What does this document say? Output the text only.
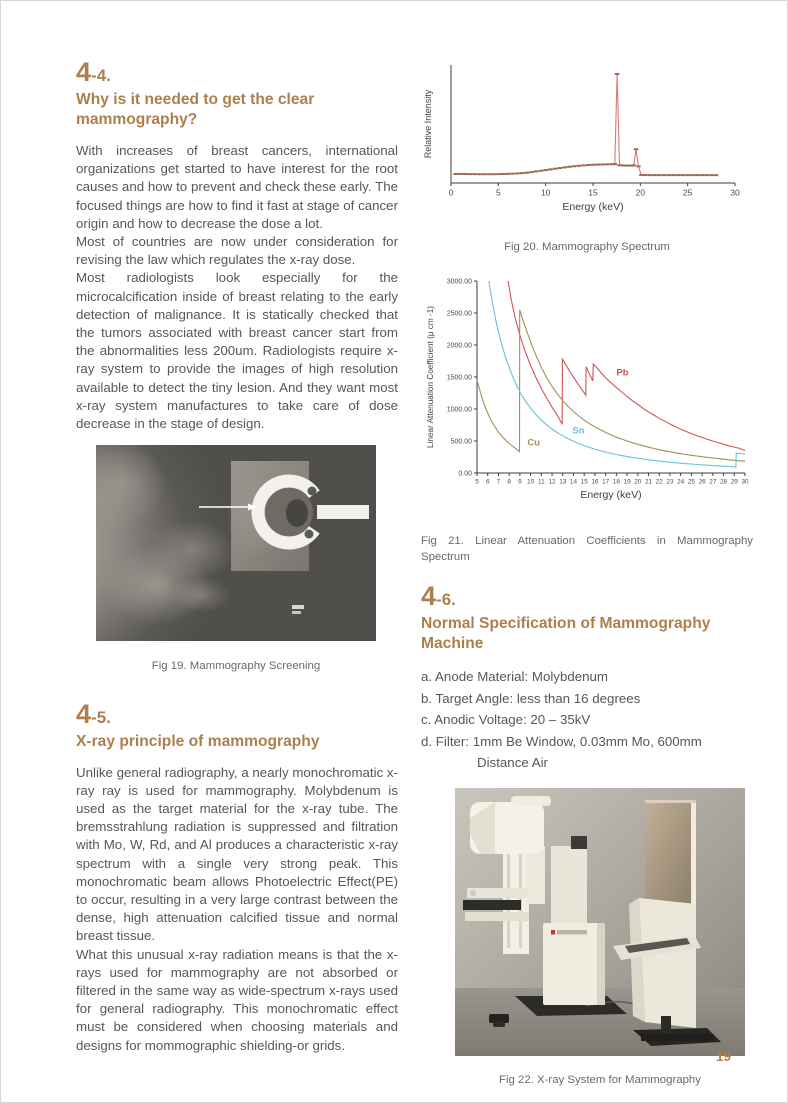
4-4.
Why is it needed to get the clear mammography?

With increases of breast cancers, international organizations get started to have interest for the root causes and how to prevent and check these early. The focused things are how to find it fast at stage of cancer origin and how to decrease the dose a lot.

Most of countries are now under consideration for revising the law which regulates the x-ray dose.

Most radiologists look especially for the microcalcification inside of breast relating to the early detection of malignance. It is statically checked that the tumors associated with breast cancer start from the abnormalities less 200um. Radiologists require x-ray system to provide the images of high resolution available to detect the tiny lesion. And they want most x-ray system manufactures to take care of dose decrease in the stage of design.

Fig 19. Mammography Screening
4-5.
X-ray principle of mammography

Unlike general radiography, a nearly monochromatic x-ray ray is used for mammography. Molybdenum is used as the target material for the x-ray tube. The bremsstrahlung radiation is suppressed and filtration with Mo, W, Rd, and Al produces a characteristic x-ray spectrum with a single very strong peak. This monochromatic beam allows Photoelectric Effect(PE) to occur, resulting in a very large contrast between the dense, high attenuation calcified tissue and normal breast tissue.

What this unusual x-ray radiation means is that the x-rays used for mammography are not absorbed or filtered in the same way as wide-spectrum x-rays used for general radiography. This monochromatic effect must be considered when choosing materials and designs for mommographic shielding-or grids.

0	5	10	15	20	25	30
Energy (keV)
Relative Intensity
Fig 20. Mammography Spectrum
5 6 7 8 9 10 11 12 13 14 15 16 17 18 19 20 21 22 23 24 25 26 27 28 29 30
0.00
500.00
1000.00
1500.00
2000.00
2500.00
3000.00
Energy (keV)
Linear Attenuation Coefficient (μ cm -1)	Pb
Cu
Sn
Fig 21. Linear Attenuation Coefficients in Mammography Spectrum
4-6.
Normal Specification of Mammography Machine
a. Anode Material: Molybdenum
b. Target Angle: less than 16 degrees
c. Anodic Voltage: 20 – 35kV
d. Filter: 1mm Be Window, 0.03mm Mo, 600mm Distance Air
Fig 22. X-ray System for Mammography
19
